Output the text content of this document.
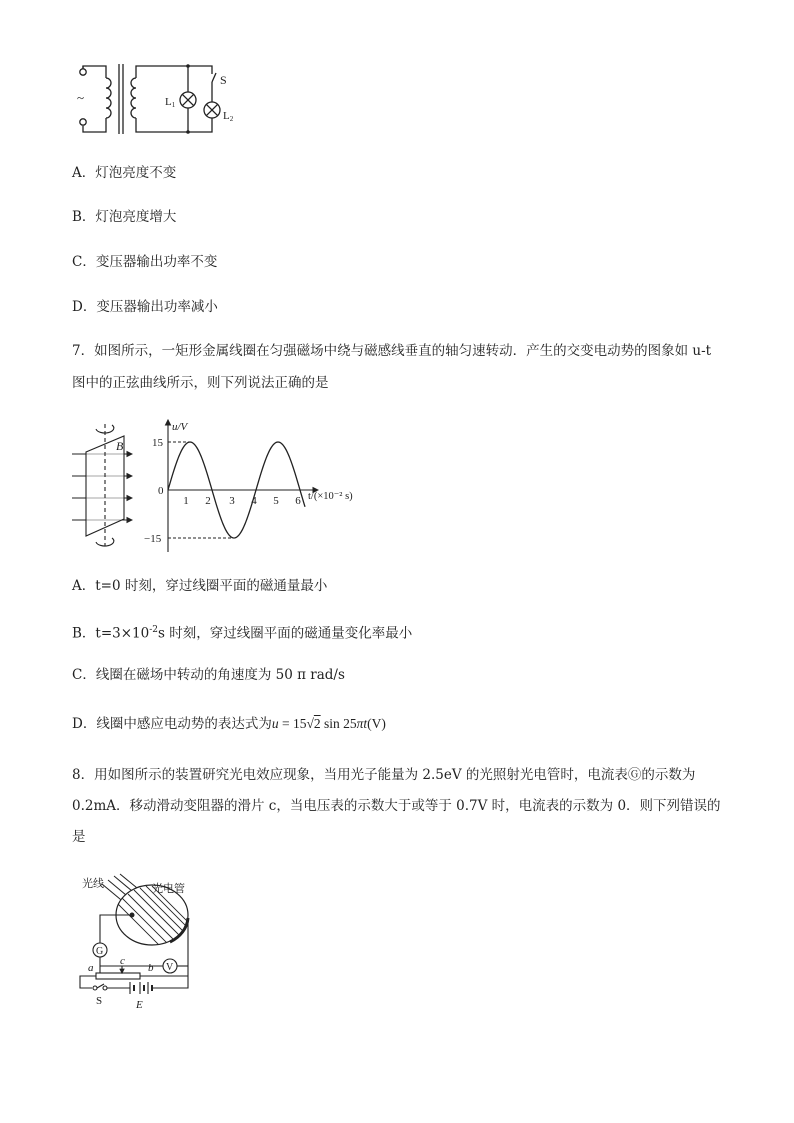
~
S
L1
L2
A．灯泡亮度不变
B．灯泡亮度增大
C．变压器输出功率不变
D．变压器输出功率减小
7．如图所示，一矩形金属线圈在匀强磁场中绕与磁感线垂直的轴匀速转动．产生的交变电动势的图象如 u-t
图中的正弦曲线所示，则下列说法正确的是
B
u/V
15
0
−15
1 2 3 4 5 6 t/(×10⁻² s)
A．t=0 时刻，穿过线圈平面的磁通量最小
B．$t=3\times 10^{-2}s$ 时刻，穿过线圈平面的磁通量变化率最小
C．线圈在磁场中转动的角速度为 50 π rad/s
D．线圈中感应电动势的表达式为u = 15√2 sin 25πt(V)
8．用如图所示的装置研究光电效应现象，当用光子能量为 2.5eV 的光照射光电管时，电流表Ⓖ的示数为
0.2mA．移动滑动变阻器的滑片 c，当电压表的示数大于或等于 0.7V 时，电流表的示数为 0．则下列错误的
是
G
V
光线	光电管
a
c
b
S	E
